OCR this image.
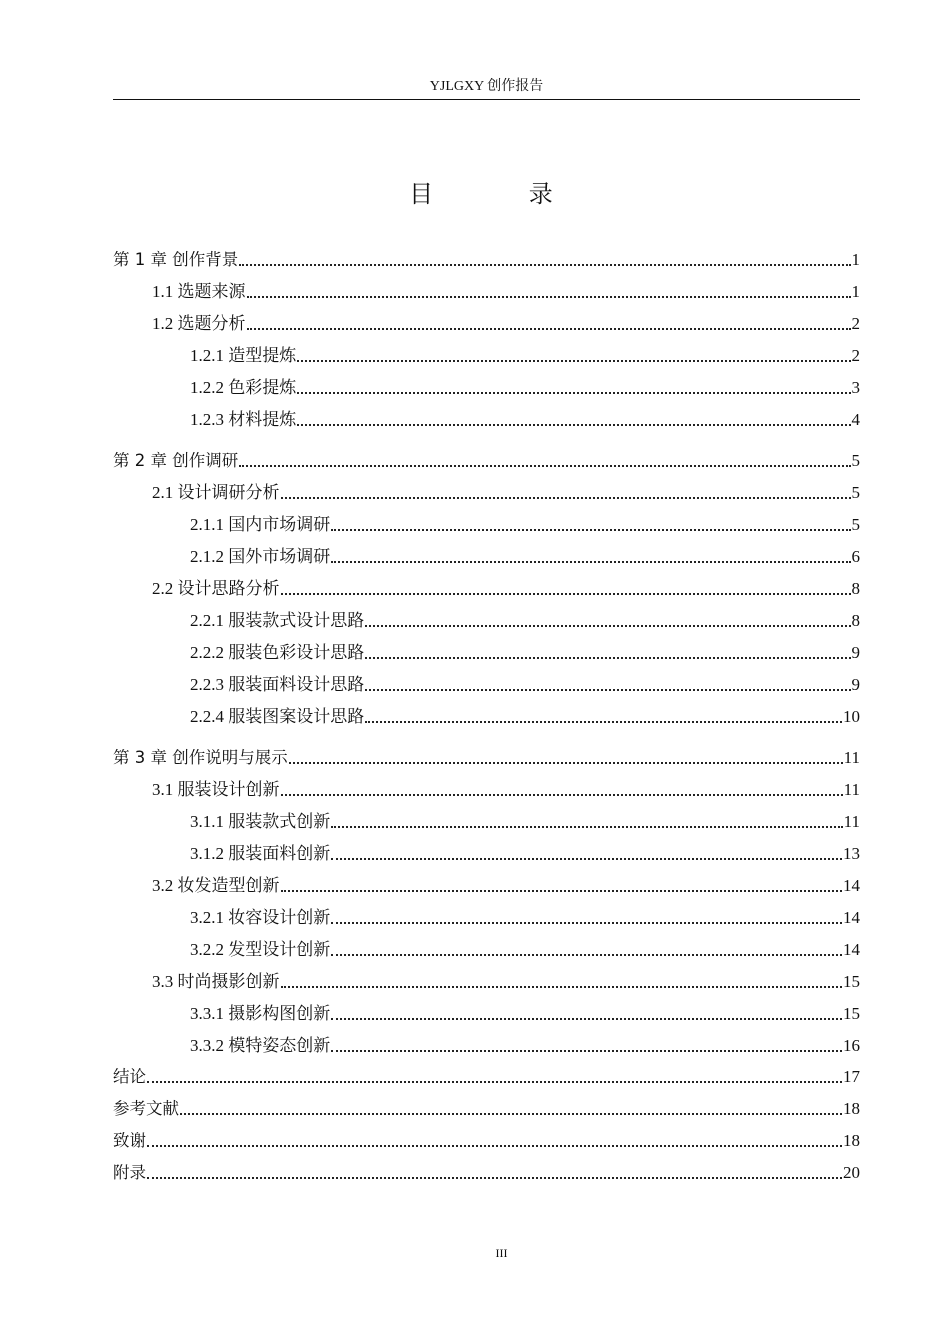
YJLGXY 创作报告
目 录
第 1 章 创作背景	1
1.1 选题来源	1
1.2 选题分析	2
1.2.1 造型提炼	2
1.2.2 色彩提炼	3
1.2.3 材料提炼	4
第 2 章 创作调研	5
2.1 设计调研分析	5
2.1.1 国内市场调研	5
2.1.2 国外市场调研	6
2.2 设计思路分析	8
2.2.1 服装款式设计思路	8
2.2.2 服装色彩设计思路	9
2.2.3 服装面料设计思路	9
2.2.4 服装图案设计思路	10
第 3 章 创作说明与展示	11
3.1 服装设计创新	11
3.1.1 服装款式创新	11
3.1.2 服装面料创新	13
3.2 妆发造型创新	14
3.2.1 妆容设计创新	14
3.2.2 发型设计创新	14
3.3 时尚摄影创新	15
3.3.1 摄影构图创新	15
3.3.2 模特姿态创新	16
结论	17
参考文献	18
致谢	18
附录	20
III
